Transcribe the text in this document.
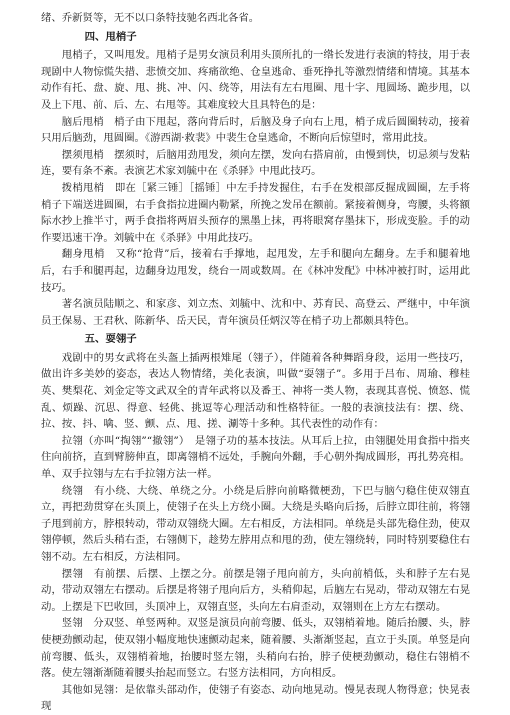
绪、乔新贤等，无不以口条特技驰名西北各省。

四、甩梢子

甩梢子，又叫甩发。甩梢子是男女演员利用头顶所扎的一绺长发进行表演的特技，用于表现剧中人物惊慌失措、悲愤交加、疼痛欲绝、仓皇逃命、垂死挣扎等激烈情绪和情境。其基本动作有托、盘、旋、甩、挑、冲、闪、绕等，用法有左右甩圈、甩十字、甩圆场、跪步甩，以及上下甩、前、后、左、右甩等。其难度较大且具特色的是：

脑后甩梢　梢子由下甩起，落向背后时，后脑及身子向右上甩，梢子成后圆圈转动，接着只用后脑劲，甩圆圈。《游西湖·救裴》中裴生仓皇逃命，不断向后惊望时，常用此技。

摆须甩梢　摆须时，后脑用劲甩发，须向左摆，发向右搭肩前，由慢到快，切忌须与发粘连，要有条不紊。表演艺术家刘毓中在《杀驿》中甩此技巧。

拨梢甩梢　即在［紧三锤］［摇锤］中左手持发握住，右手在发根部反握成圆圈，左手将梢子下端送进圆圈，右手食指拉进圈内勒紧，所挽之发吊在额前。紧接着侧身，弯腰，头将额际水抄上推半寸，两手食指将两眉头预存的黑墨上抹，再将眼窝存墨抹下，形成变脸。手的动作要迅速干净。刘毓中在《杀驿》中用此技巧。

翻身甩梢　又称“抢背”后，接着右手撑地，起甩发，左手和腿向左翻身。左手和腿着地后，右手和腿再起，边翻身边甩发，绕台一周或数周。在《林冲发配》中林冲被打时，运用此技巧。

著名演员陆顺之、和家彦、刘立杰、刘毓中、沈和中、苏育民、高登云、严继中，中年演员王保易、王君秋、陈新华、岳天民，青年演员任炳汉等在梢子功上都颇具特色。

五、耍翎子

戏剧中的男女武将在头盔上插两根雉尾（翎子），伴随着各种舞蹈身段，运用一些技巧，做出许多美妙的姿态，表达人物情绪，美化表演，叫做“耍翎子”。多用于吕布、周瑜、穆桂英、樊梨花、刘金定等文武双全的青年武将以及番王、神将一类人物，表现其喜悦、愤怒、慌乱、烦躁、沉思、得意、轻佻、挑逗等心理活动和性格特征。一般的表演技法有：摆、绕、拉、按、抖、噙、竖、颤、点、甩、搓、涮等十多种。其代表性的动作有：

拉翎（亦叫“掏翎”“撤翎”）　是翎子功的基本技法。从耳后上拉，由翎腿处用食指中指夹住向前挤，直到臂膀伸直，即离翎梢不远处，手腕向外翻，手心朝外掏成圆形，再扎势亮相。单、双手拉翎与左右手拉翎方法一样。

绕翎　有小绕、大绕、单绕之分。小绕是后脖向前略微梗劲，下巴与脑勺稳住使双翎直立，再把劲贯穿在头顶上，使翎子在头上方绕小圈。大绕是头略向后扬，后脖立即往前，将翎子甩到前方，脖根转动，带动双翎绕大圈。左右相反，方法相同。单绕是头部先稳住劲，使双翎停顿，然后头稍右歪，右翎侧下，趁势左脖用点和甩的劲，使左翎绕转，同时特别要稳住右翎不动。左右相反，方法相同。

摆翎　有前摆、后摆、上摆之分。前摆是翎子甩向前方，头向前梢低，头和脖子左右晃动，带动双翎左右摆动。后摆是将翎子甩向后方，头稍仰起，后脑左右晃动，带动双翎左右晃动。上摆是下巴收回，头顶冲上，双翎直竖，头向左右肩歪动，双翎则在上方左右摆动。

竖翎　分双竖、单竖两种。双竖是演员向前弯腰、低头，双翎梢着地。随后抬腰、头，脖使梗劲颤动起，使双翎小幅度地快速颤动起来，随着腰、头渐渐竖起，直立于头顶。单竖是向前弯腰、低头，双翎梢着地，抬腰时竖左翎，头稍向右抬，脖子使梗劲颤动，稳住右翎梢不落。使左翎渐渐随着腰头抬起而竖立。右竖方法相同，方向相反。

其他如晃翎：是依靠头部动作，使翎子有姿态、动向地晃动。慢晃表现人物得意；快晃表现
